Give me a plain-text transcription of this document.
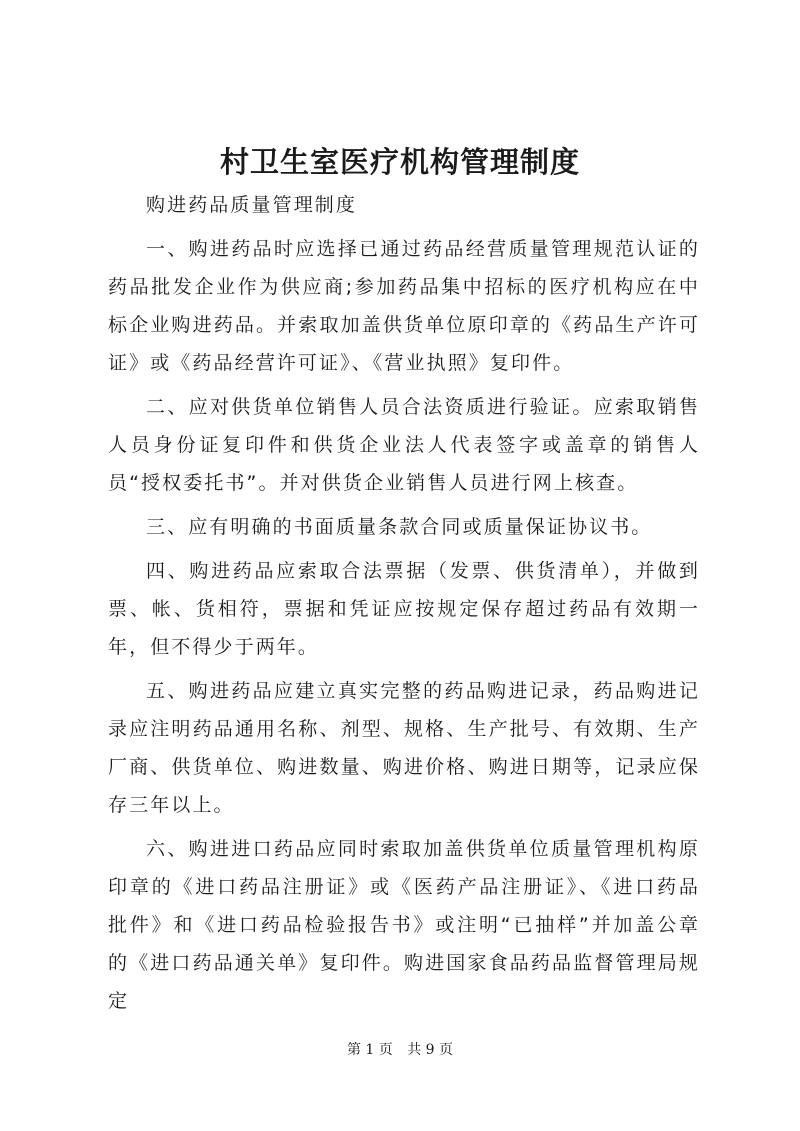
村卫生室医疗机构管理制度

购进药品质量管理制度

一、购进药品时应选择已通过药品经营质量管理规范认证的药品批发企业作为供应商;参加药品集中招标的医疗机构应在中标企业购进药品。并索取加盖供货单位原印章的《药品生产许可证》或《药品经营许可证》、《营业执照》复印件。

二、应对供货单位销售人员合法资质进行验证。应索取销售人员身份证复印件和供货企业法人代表签字或盖章的销售人员“授权委托书”。并对供货企业销售人员进行网上核查。

三、应有明确的书面质量条款合同或质量保证协议书。

四、购进药品应索取合法票据（发票、供货清单），并做到票、帐、货相符，票据和凭证应按规定保存超过药品有效期一年，但不得少于两年。

五、购进药品应建立真实完整的药品购进记录，药品购进记录应注明药品通用名称、剂型、规格、生产批号、有效期、生产厂商、供货单位、购进数量、购进价格、购进日期等，记录应保存三年以上。

六、购进进口药品应同时索取加盖供货单位质量管理机构原印章的《进口药品注册证》或《医药产品注册证》、《进口药品批件》和《进口药品检验报告书》或注明“已抽样”并加盖公章的《进口药品通关单》复印件。购进国家食品药品监督管理局规定

第 1 页 共 9 页
